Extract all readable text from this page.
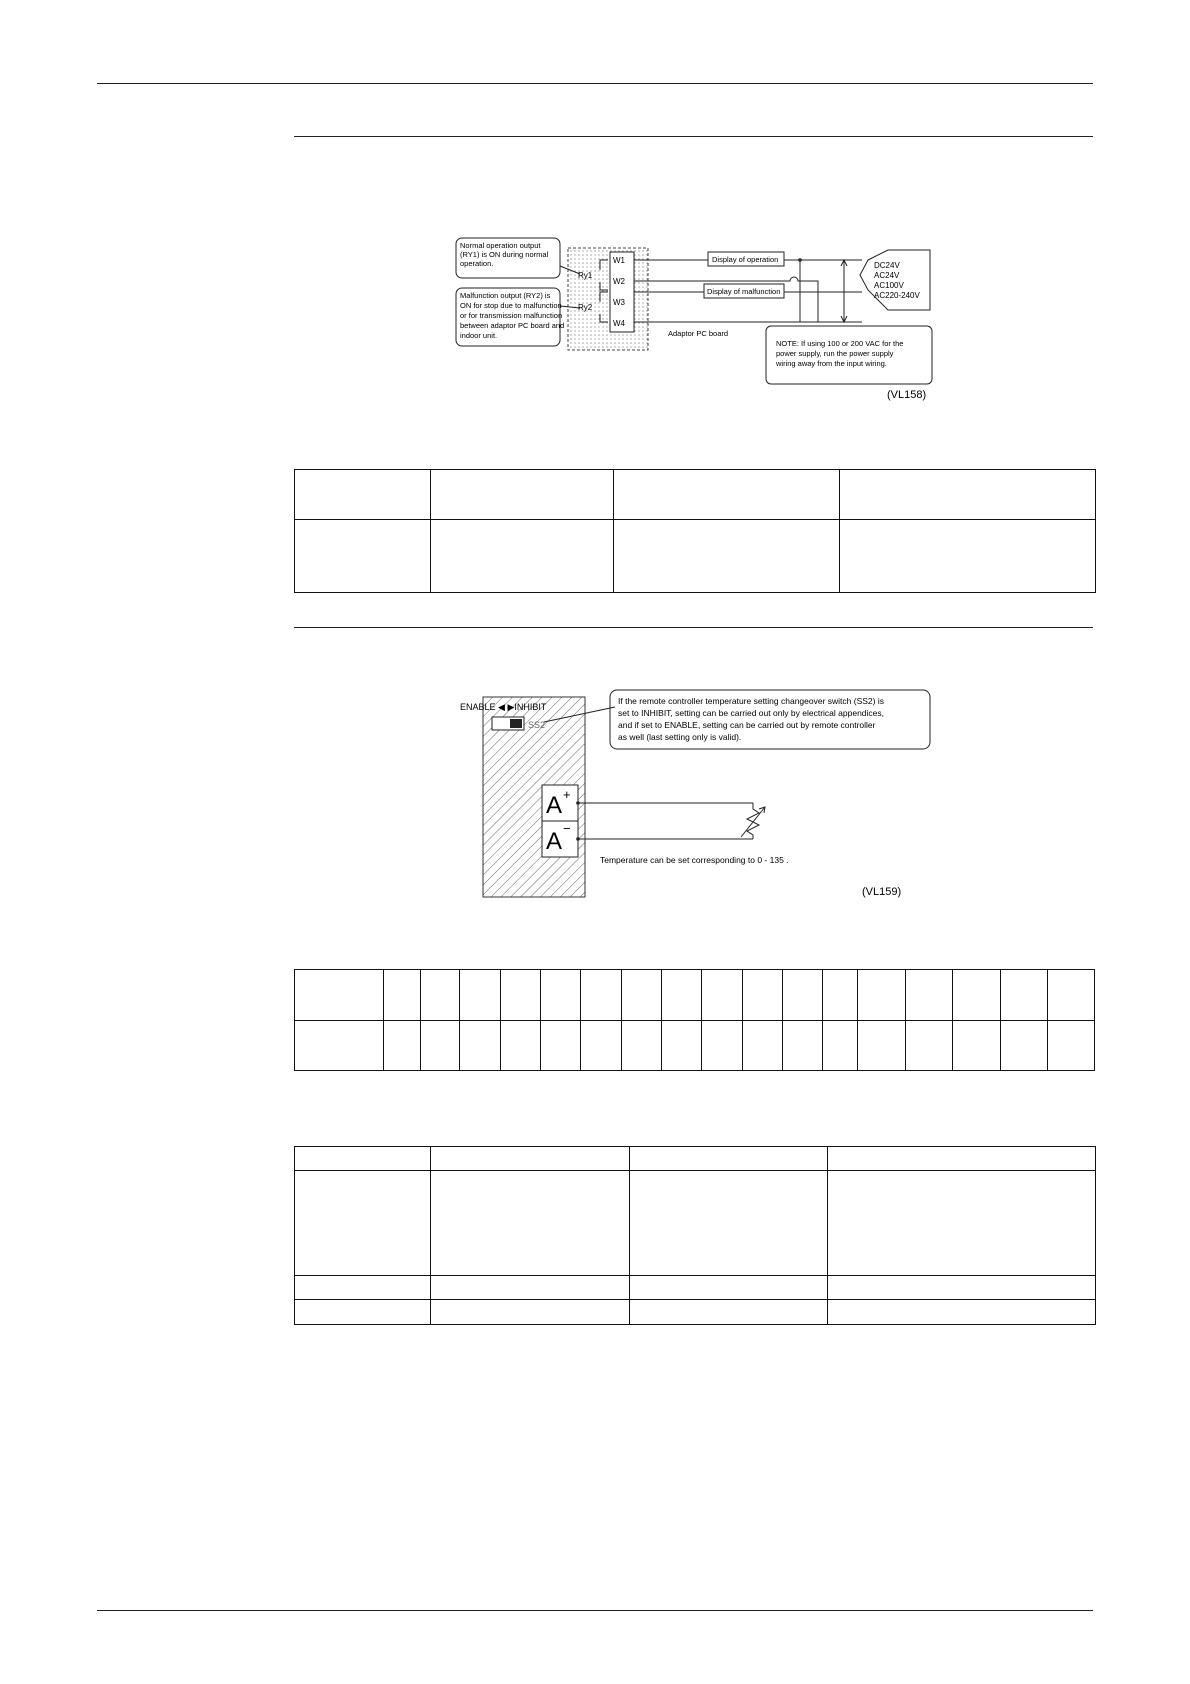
Normal operation output (RY1) is ON during normal operation.
Malfunction output (RY2) is ON for stop due to malfunction or for transmission malfunction between adaptor PC board and indoor unit.
Ry1
Ry2
W1
W2
W3
W4
Display of operation
Display of malfunction
Adaptor PC board
DC24V AC24V AC100V AC220-240V
NOTE: If using 100 or 200 VAC for the power supply, run the power supply wiring away from the input wiring.
(VL158)

ENABLE ◀ ▶INHIBIT
SS2
If the remote controller temperature setting changeover switch (SS2) is set to INHIBIT, setting can be carried out only by electrical appendices, and if set to ENABLE, setting can be carried out by remote controller as well (last setting only is valid).
A +
A −
Temperature can be set corresponding to 0 - 135 .
(VL159)
